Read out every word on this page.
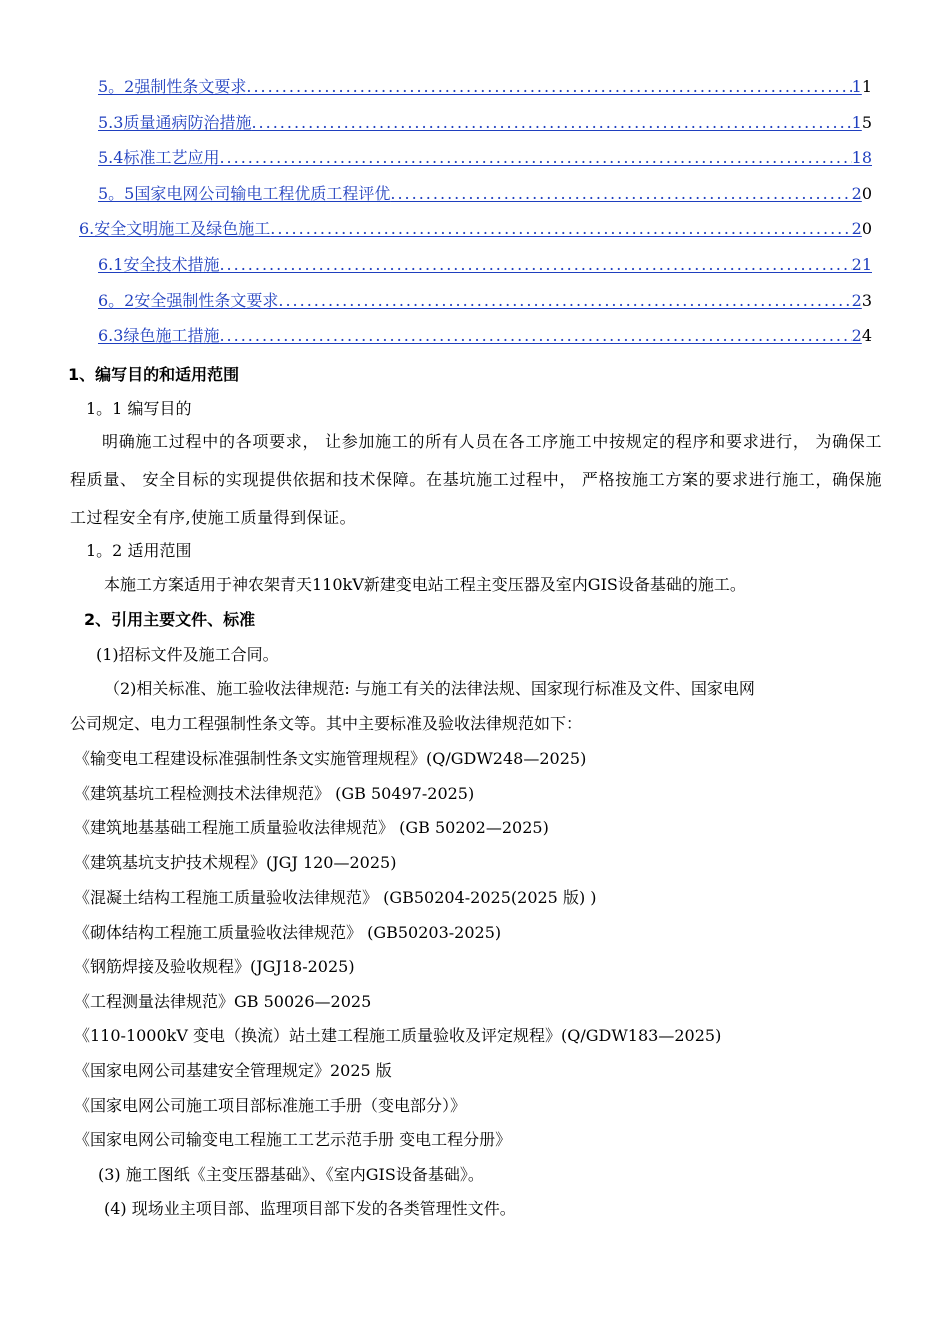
5。2强制性条文要求 .....	11
5.3质量通病防治措施 .....	15
5.4标准工艺应用 .....	18
5。5国家电网公司输电工程优质工程评优 .....	20
6.安全文明施工及绿色施工 .....	20
6.1安全技术措施 .....	21
6。2安全强制性条文要求 .....	23
6.3绿色施工措施 .....	24
1、编写目的和适用范围
1。1 编写目的
明确施工过程中的各项要求， 让参加施工的所有人员在各工序施工中按规定的程序和要求进行， 为确保工程质量、 安全目标的实现提供依据和技术保障。在基坑施工过程中， 严格按施工方案的要求进行施工，确保施工过程安全有序,使施工质量得到保证。
1。2 适用范围
本施工方案适用于神农架青天110kV新建变电站工程主变压器及室内GIS设备基础的施工。
2、引用主要文件、标准
(1)招标文件及施工合同。
（2)相关标准、施工验收法律规范: 与施工有关的法律法规、国家现行标准及文件、国家电网
公司规定、电力工程强制性条文等。其中主要标准及验收法律规范如下：
《输变电工程建设标准强制性条文实施管理规程》(Q/GDW248—2025)
《建筑基坑工程检测技术法律规范》 (GB 50497-2025)
《建筑地基基础工程施工质量验收法律规范》 (GB 50202—2025)
《建筑基坑支护技术规程》(JGJ 120—2025)
《混凝土结构工程施工质量验收法律规范》 (GB50204-2025(2025 版) )
《砌体结构工程施工质量验收法律规范》 (GB50203-2025)
《钢筋焊接及验收规程》(JGJ18-2025)
《工程测量法律规范》GB 50026—2025
《110-1000kV 变电（换流）站土建工程施工质量验收及评定规程》(Q/GDW183—2025)
《国家电网公司基建安全管理规定》2025 版
《国家电网公司施工项目部标准施工手册（变电部分）》
《国家电网公司输变电工程施工工艺示范手册 变电工程分册》
(3) 施工图纸《主变压器基础》、《室内GIS设备基础》。
(4) 现场业主项目部、监理项目部下发的各类管理性文件。
